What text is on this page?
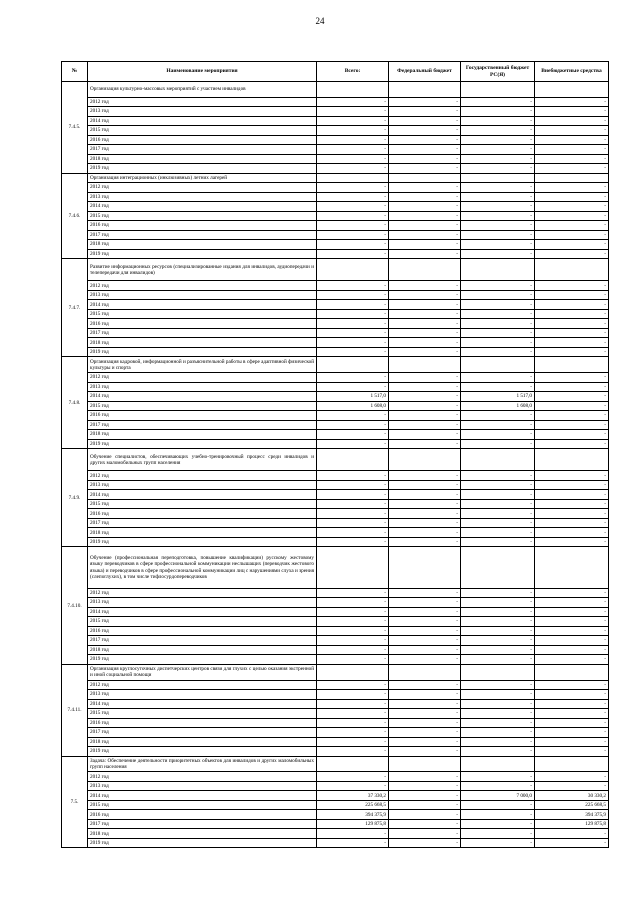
24
№	Наименование мероприятия	Всего:	Федеральный бюджет	Государственный бюджет РС(Я)	Внебюджетные средства
7.4.5.	Организация культурно-массовых мероприятий с участием инвалидов				
	2012 год	-	-	-	-
	2013 год	-	-	-	-
	2014 год	-	-	-	-
	2015 год	-	-	-	-
	2016 год	-	-	-	-
	2017 год	-	-	-	-
	2018 год	-	-	-	-
	2019 год	-	-	-	-
7.4.6.	Организация интеграционных (инклюзивных) летних лагерей				
	2012 год	-	-	-	-
	2013 год	-	-	-	-
	2014 год	-	-	-	-
	2015 год	-	-	-	-
	2016 год	-	-	-	-
	2017 год	-	-	-	-
	2018 год	-	-	-	-
	2019 год	-	-	-	-
7.4.7.	Развитие информационных ресурсов (специализированные издания для инвалидов, аудиопередачи и телепередачи для инвалидов)				
	2012 год	-	-	-	-
	2013 год	-	-	-	-
	2014 год	-	-	-	-
	2015 год	-	-	-	-
	2016 год	-	-	-	-
	2017 год	-	-	-	-
	2018 год	-	-	-	-
	2019 год	-	-	-	-
7.4.8.	Организация кадровой, информационной и разъяснительной работы в сфере адаптивной физической культуры и спорта				
	2012 год	-	-	-	-
	2013 год	-	-	-	-
	2014 год	1 517,0	-	1 517,0	-
	2015 год	1 608,0	-	1 608,0	-
	2016 год	-	-	-	-
	2017 год	-	-	-	-
	2018 год	-	-	-	-
	2019 год	-	-	-	-
7.4.9.	Обучение специалистов, обеспечивающих учебно-тренировочный процесс среди инвалидов и других маломобильных групп населения				
	2012 год	-	-	-	-
	2013 год	-	-	-	-
	2014 год	-	-	-	-
	2015 год	-	-	-	-
	2016 год	-	-	-	-
	2017 год	-	-	-	-
	2018 год	-	-	-	-
	2019 год	-	-	-	-
7.4.10.	Обучение (профессиональная переподготовка, повышение квалификации) русскому жестовому языку переводчиков в сфере профессиональной коммуникации неслышащих (переводчик жестового языка) и переводчиков в сфере профессиональной коммуникации лиц с нарушениями слуха и зрения (слепоглухих), в том числе тифлосурдопереводчиков				
	2012 год	-	-	-	-
	2013 год	-	-	-	-
	2014 год	-	-	-	-
	2015 год	-	-	-	-
	2016 год	-	-	-	-
	2017 год	-	-	-	-
	2018 год	-	-	-	-
	2019 год	-	-	-	-
7.4.11.	Организация круглосуточных диспетчерских центров связи для глухих с целью оказания экстренной и иной социальной помощи				
	2012 год	-	-	-	-
	2013 год	-	-	-	-
	2014 год	-	-	-	-
	2015 год	-	-	-	-
	2016 год	-	-	-	-
	2017 год	-	-	-	-
	2018 год	-	-	-	-
	2019 год	-	-	-	-
7.5.	Задача: Обеспечение деятельности приоритетных объектов для инвалидов и других маломобильных групп населения				
	2012 год	-	-	-	-
	2013 год	-	-	-	-
	2014 год	37 330,2	-	7 000,0	30 330,2
	2015 год	225 668,5	-	-	225 668,5
	2016 год	394 375,9	-	-	394 375,9
	2017 год	129 875,8	-	-	129 875,8
	2018 год	-	-	-	-
	2019 год	-	-	-	-
